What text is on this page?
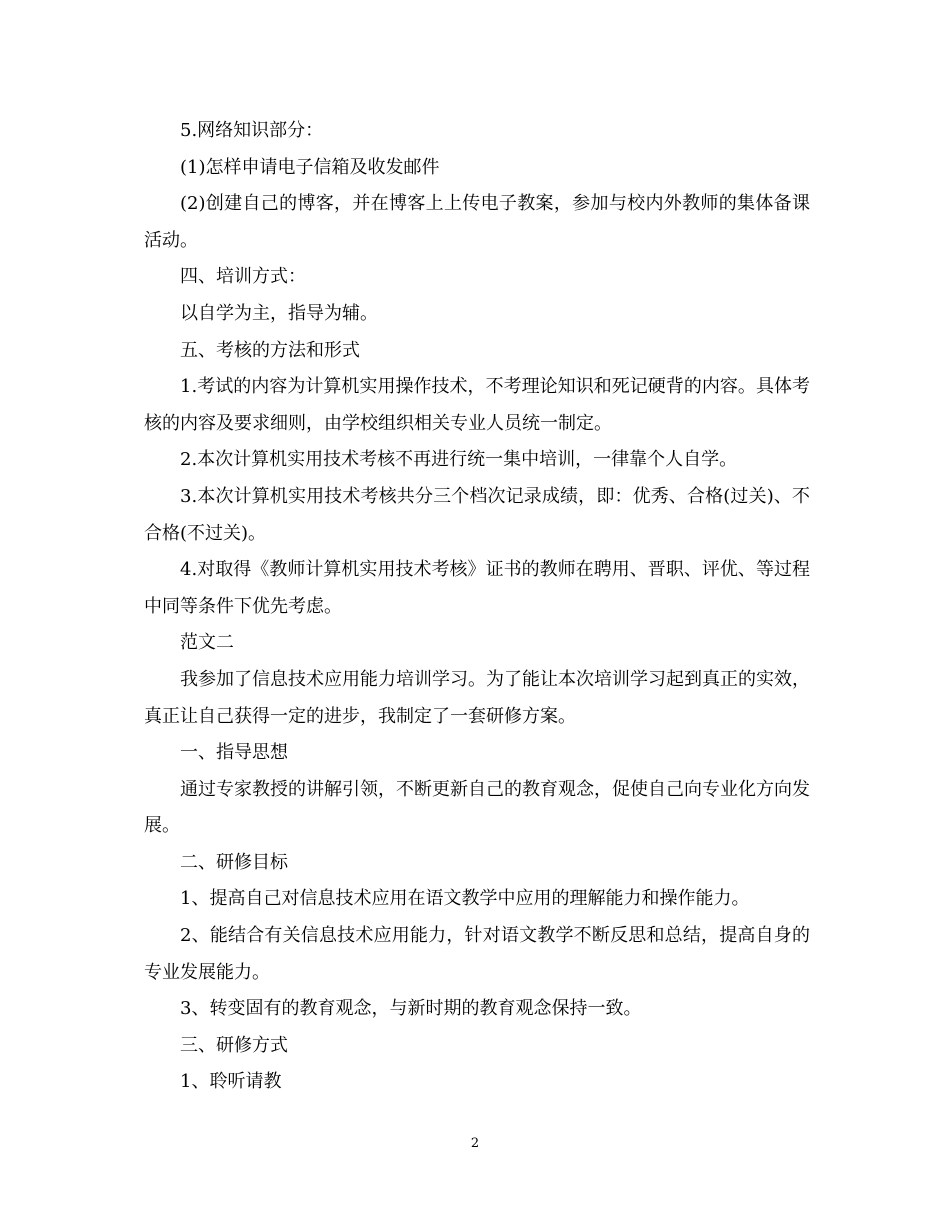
5.网络知识部分：

(1)怎样申请电子信箱及收发邮件

(2)创建自己的博客，并在博客上上传电子教案，参加与校内外教师的集体备课活动。

四、培训方式：

以自学为主，指导为辅。

五、考核的方法和形式

1.考试的内容为计算机实用操作技术，不考理论知识和死记硬背的内容。具体考核的内容及要求细则，由学校组织相关专业人员统一制定。

2.本次计算机实用技术考核不再进行统一集中培训，一律靠个人自学。

3.本次计算机实用技术考核共分三个档次记录成绩，即：优秀、合格(过关)、不合格(不过关)。

4.对取得《教师计算机实用技术考核》证书的教师在聘用、晋职、评优、等过程中同等条件下优先考虑。

范文二

我参加了信息技术应用能力培训学习。为了能让本次培训学习起到真正的实效，真正让自己获得一定的进步，我制定了一套研修方案。

一、指导思想

通过专家教授的讲解引领，不断更新自己的教育观念，促使自己向专业化方向发展。

二、研修目标

1、提高自己对信息技术应用在语文教学中应用的理解能力和操作能力。

2、能结合有关信息技术应用能力，针对语文教学不断反思和总结，提高自身的专业发展能力。

3、转变固有的教育观念，与新时期的教育观念保持一致。

三、研修方式

1、聆听请教

2
